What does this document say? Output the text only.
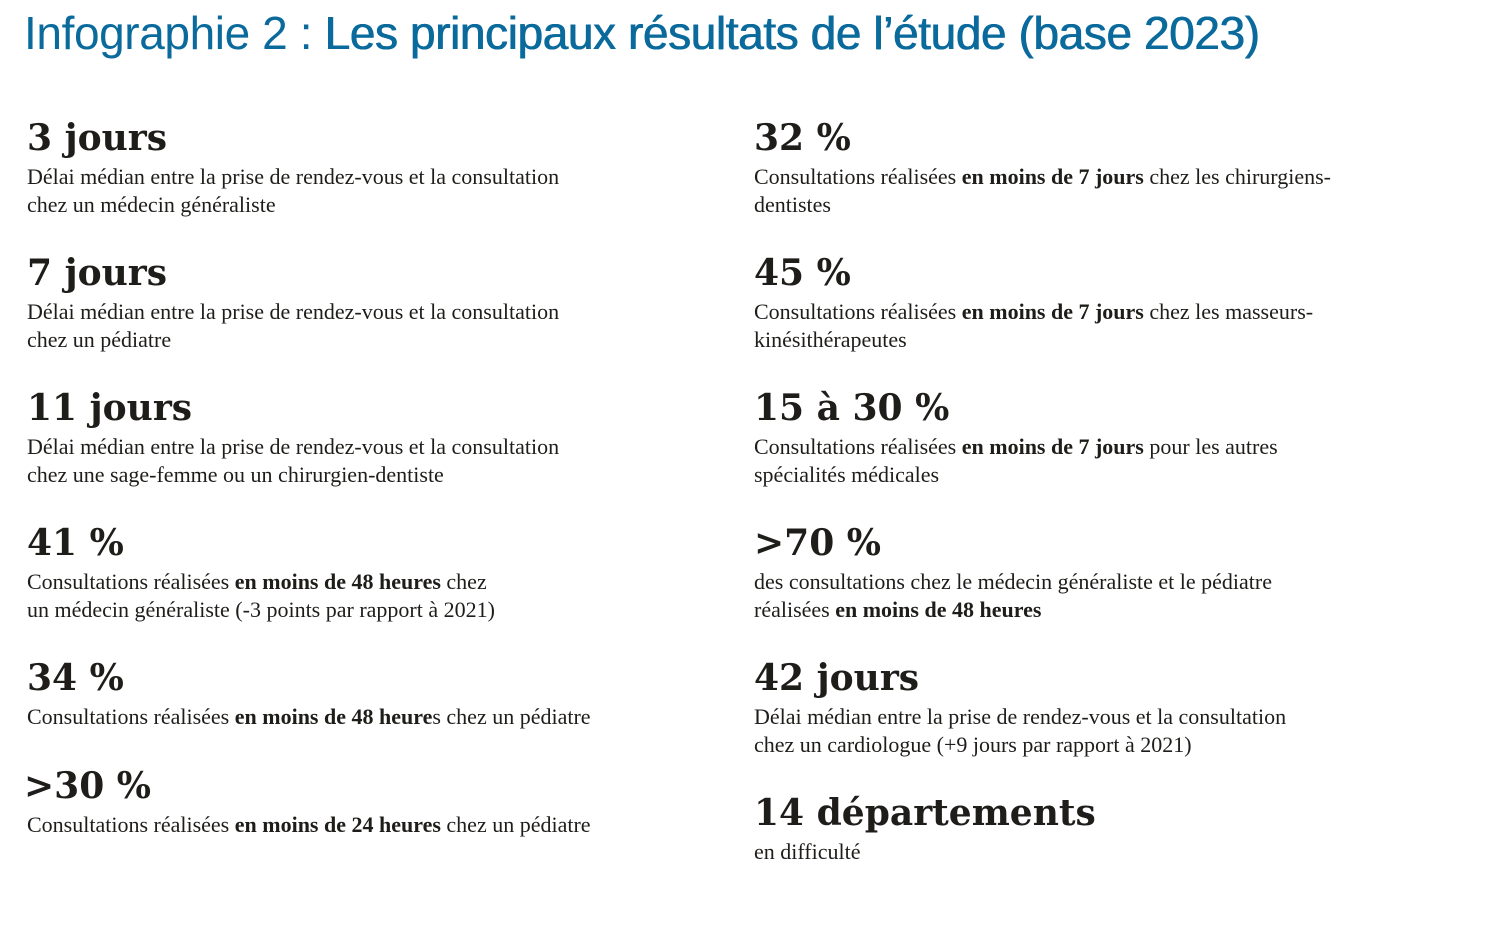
Infographie 2 : Les principaux résultats de l’étude (base 2023)
3 jours
Délai médian entre la prise de rendez-vous et la consultation
chez un médecin généraliste
7 jours
Délai médian entre la prise de rendez-vous et la consultation
chez un pédiatre
11 jours
Délai médian entre la prise de rendez-vous et la consultation
chez une sage-femme ou un chirurgien-dentiste
41 %
Consultations réalisées en moins de 48 heures chez
un médecin généraliste (-3 points par rapport à 2021)
34 %
Consultations réalisées en moins de 48 heures chez un pédiatre
>30 %
Consultations réalisées en moins de 24 heures chez un pédiatre
32 %
Consultations réalisées en moins de 7 jours chez les chirurgiens-
dentistes
45 %
Consultations réalisées en moins de 7 jours chez les masseurs-
kinésithérapeutes
15 à 30 %
Consultations réalisées en moins de 7 jours pour les autres
spécialités médicales
>70 %
des consultations chez le médecin généraliste et le pédiatre
réalisées en moins de 48 heures
42 jours
Délai médian entre la prise de rendez-vous et la consultation
chez un cardiologue (+9 jours par rapport à 2021)
14 départements
en difficulté
